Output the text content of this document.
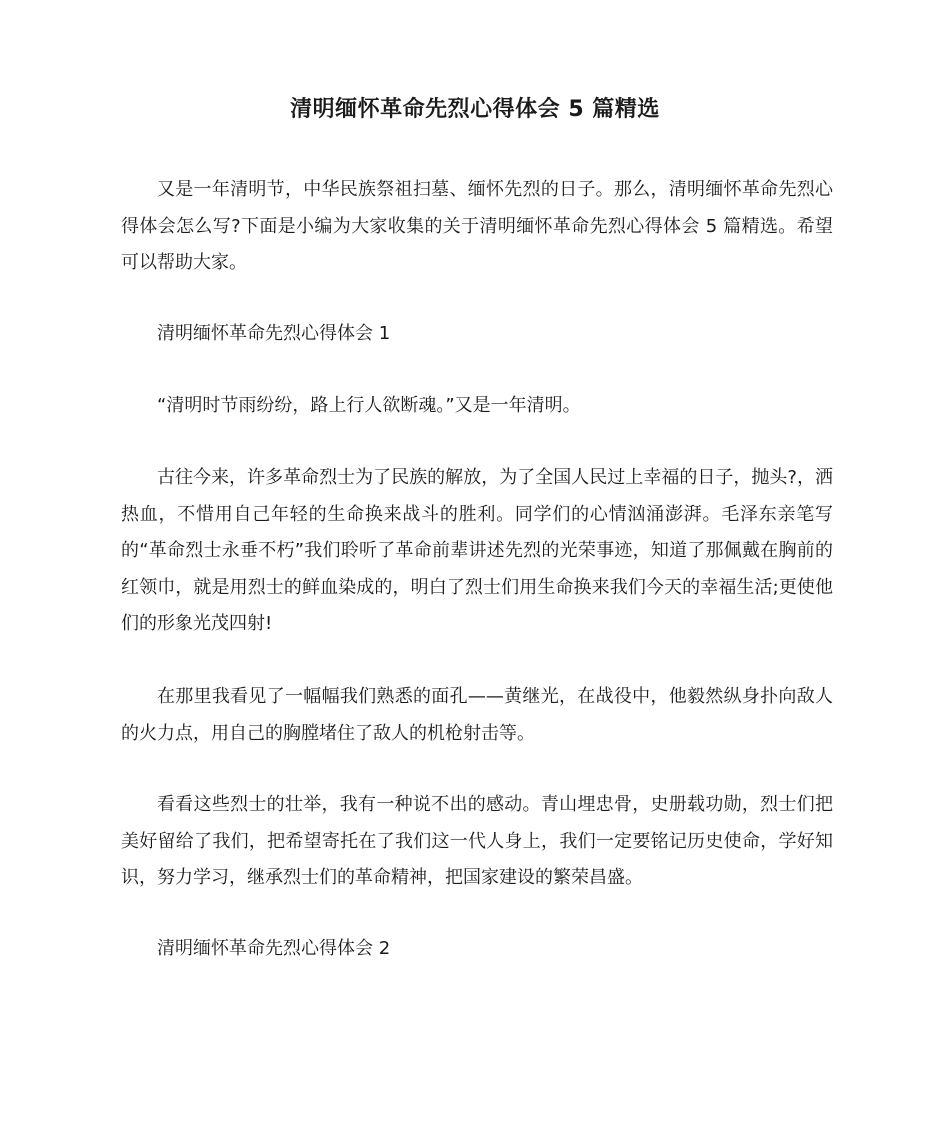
清明缅怀革命先烈心得体会 5 篇精选

又是一年清明节，中华民族祭祖扫墓、缅怀先烈的日子。那么，清明缅怀革命先烈心得体会怎么写?下面是小编为大家收集的关于清明缅怀革命先烈心得体会 5 篇精选。希望可以帮助大家。

清明缅怀革命先烈心得体会 1

“清明时节雨纷纷，路上行人欲断魂。”又是一年清明。

古往今来，许多革命烈士为了民族的解放，为了全国人民过上幸福的日子，抛头?，洒热血，不惜用自己年轻的生命换来战斗的胜利。同学们的心情汹涌澎湃。毛泽东亲笔写的“革命烈士永垂不朽”我们聆听了革命前辈讲述先烈的光荣事迹，知道了那佩戴在胸前的红领巾，就是用烈士的鲜血染成的，明白了烈士们用生命换来我们今天的幸福生活;更使他们的形象光茂四射!

在那里我看见了一幅幅我们熟悉的面孔——黄继光，在战役中，他毅然纵身扑向敌人的火力点，用自己的胸膛堵住了敌人的机枪射击等。

看看这些烈士的壮举，我有一种说不出的感动。青山埋忠骨，史册载功勋，烈士们把美好留给了我们，把希望寄托在了我们这一代人身上，我们一定要铭记历史使命，学好知识，努力学习，继承烈士们的革命精神，把国家建设的繁荣昌盛。

清明缅怀革命先烈心得体会 2
